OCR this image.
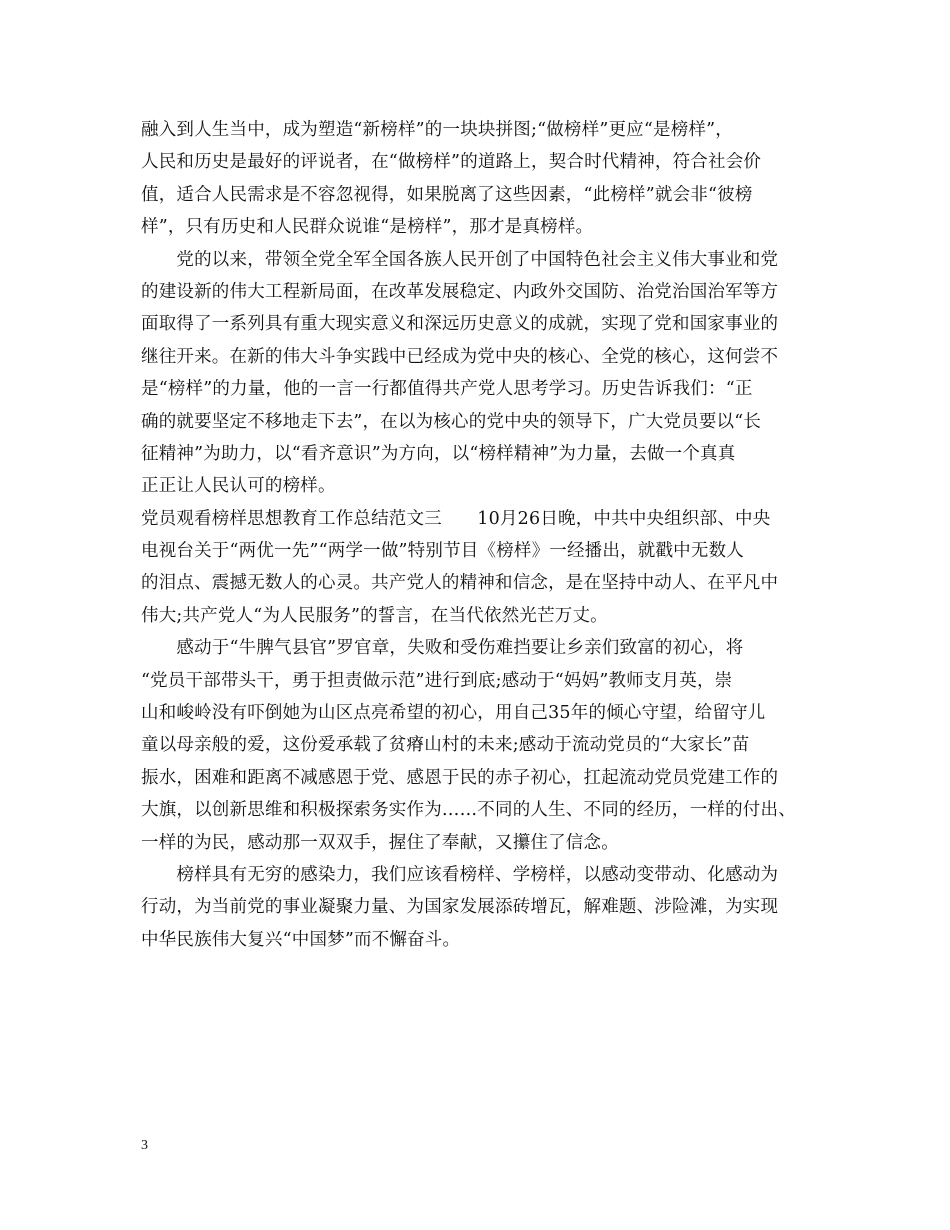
融入到人生当中，成为塑造“新榜样”的一块块拼图;“做榜样”更应“是榜样”，
人民和历史是最好的评说者，在“做榜样”的道路上，契合时代精神，符合社会价
值，适合人民需求是不容忽视得，如果脱离了这些因素，“此榜样”就会非“彼榜
样”，只有历史和人民群众说谁“是榜样”，那才是真榜样。
　　党的以来，带领全党全军全国各族人民开创了中国特色社会主义伟大事业和党
的建设新的伟大工程新局面，在改革发展稳定、内政外交国防、治党治国治军等方
面取得了一系列具有重大现实意义和深远历史意义的成就，实现了党和国家事业的
继往开来。在新的伟大斗争实践中已经成为党中央的核心、全党的核心，这何尝不
是“榜样”的力量，他的一言一行都值得共产党人思考学习。历史告诉我们：“正
确的就要坚定不移地走下去”，在以为核心的党中央的领导下，广大党员要以“长
征精神”为助力，以“看齐意识”为方向，以“榜样精神”为力量，去做一个真真
正正让人民认可的榜样。
党员观看榜样思想教育工作总结范文三　　10月26日晚，中共中央组织部、中央
电视台关于“两优一先”“两学一做”特别节目《榜样》一经播出，就戳中无数人
的泪点、震撼无数人的心灵。共产党人的精神和信念，是在坚持中动人、在平凡中
伟大;共产党人“为人民服务”的誓言，在当代依然光芒万丈。
　　感动于“牛脾气县官”罗官章，失败和受伤难挡要让乡亲们致富的初心，将
“党员干部带头干，勇于担责做示范”进行到底;感动于“妈妈”教师支月英，崇
山和峻岭没有吓倒她为山区点亮希望的初心，用自己35年的倾心守望，给留守儿
童以母亲般的爱，这份爱承载了贫瘠山村的未来;感动于流动党员的“大家长”苗
振水，困难和距离不减感恩于党、感恩于民的赤子初心，扛起流动党员党建工作的
大旗，以创新思维和积极探索务实作为……不同的人生、不同的经历，一样的付出、
一样的为民，感动那一双双手，握住了奉献，又攥住了信念。
　　榜样具有无穷的感染力，我们应该看榜样、学榜样，以感动变带动、化感动为
行动，为当前党的事业凝聚力量、为国家发展添砖增瓦，解难题、涉险滩，为实现
中华民族伟大复兴“中国梦”而不懈奋斗。
3
